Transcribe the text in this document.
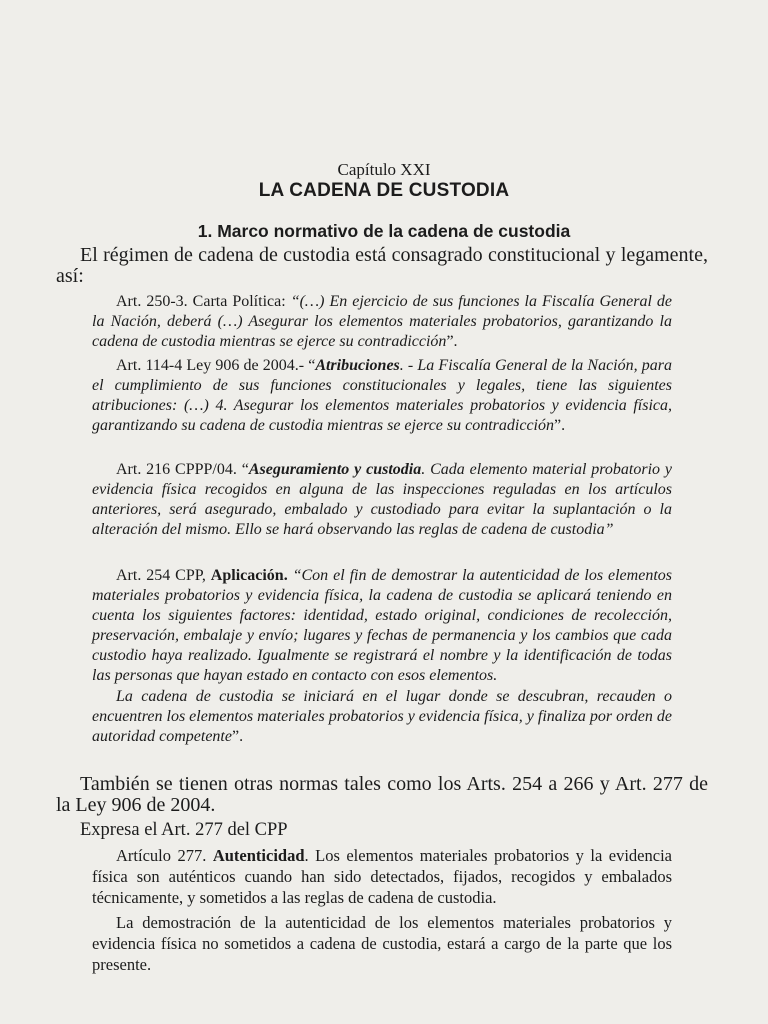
Capítulo XXI
LA CADENA DE CUSTODIA
1. Marco normativo de la cadena de custodia

El régimen de cadena de custodia está consagrado constitucional y legamente, así:

Art. 250-3. Carta Política: “(…) En ejercicio de sus funciones la Fiscalía General de la Nación, deberá (…) Asegurar los elementos materiales probatorios, garantizando la cadena de custodia mientras se ejerce su contradicción”.

Art. 114-4 Ley 906 de 2004.- “Atribuciones. - La Fiscalía General de la Nación, para el cumplimiento de sus funciones constitucionales y legales, tiene las siguientes atribuciones: (…) 4. Asegurar los elementos materiales probatorios y evidencia física, garantizando su cadena de custodia mientras se ejerce su contradicción”.

Art. 216 CPPP/04. “Aseguramiento y custodia. Cada elemento material probatorio y evidencia física recogidos en alguna de las inspecciones reguladas en los artículos anteriores, será asegurado, embalado y custodiado para evitar la suplantación o la alteración del mismo. Ello se hará observando las reglas de cadena de custodia”

Art. 254 CPP, Aplicación. “Con el fin de demostrar la autenticidad de los elementos materiales probatorios y evidencia física, la cadena de custodia se aplicará teniendo en cuenta los siguientes factores: identidad, estado original, condiciones de recolección, preservación, embalaje y envío; lugares y fechas de permanencia y los cambios que cada custodio haya realizado. Igualmente se registrará el nombre y la identificación de todas las personas que hayan estado en contacto con esos elementos.

La cadena de custodia se iniciará en el lugar donde se descubran, recauden o encuentren los elementos materiales probatorios y evidencia física, y finaliza por orden de autoridad competente”.

También se tienen otras normas tales como los Arts. 254 a 266 y Art. 277 de la Ley 906 de 2004.

Expresa el Art. 277 del CPP

Artículo 277. Autenticidad. Los elementos materiales probatorios y la evidencia física son auténticos cuando han sido detectados, fijados, recogidos y embalados técnicamente, y sometidos a las reglas de cadena de custodia.

La demostración de la autenticidad de los elementos materiales probatorios y evidencia física no sometidos a cadena de custodia, estará a cargo de la parte que los presente.
